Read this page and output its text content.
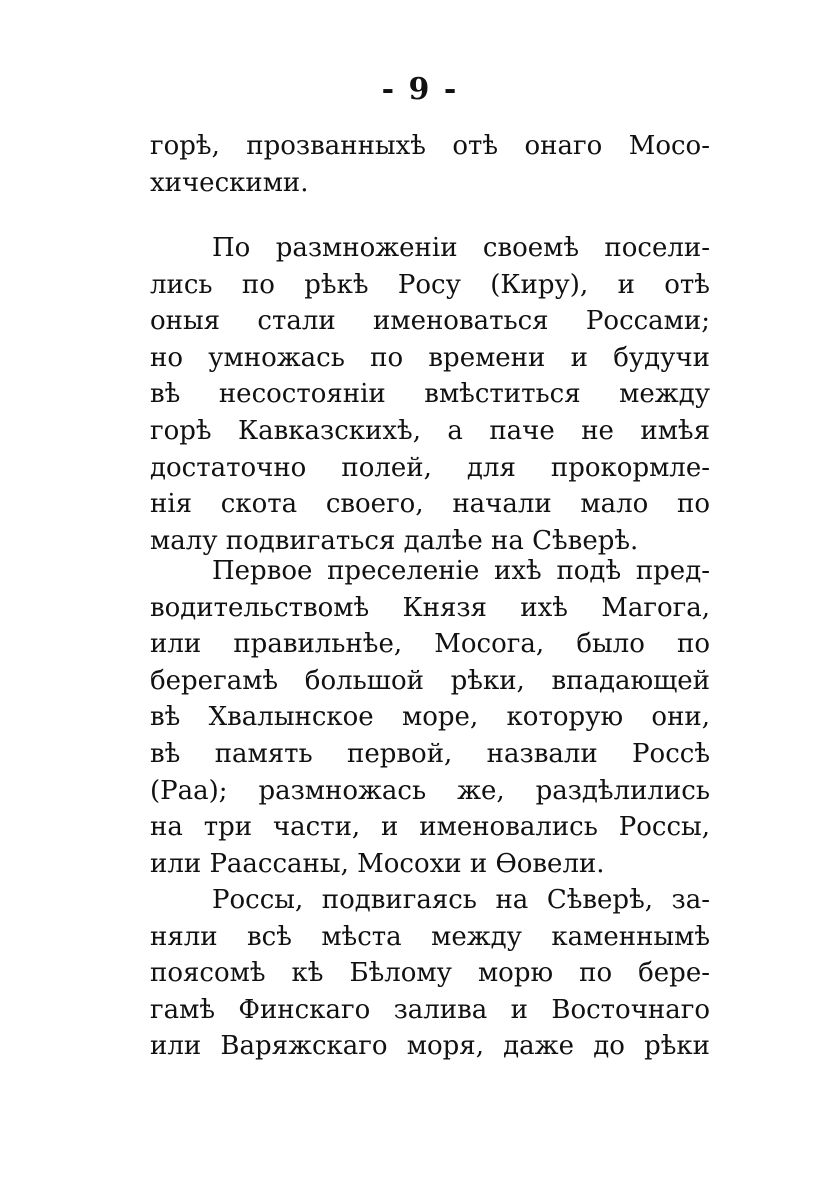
- 9 -
горѣ, прозванныхѣ отѣ онаго Мосо-
хическими.
По размноженіи своемѣ посели-
лись по рѣкѣ Росу (Киру), и отѣ
оныя стали именоваться Россами;
но умножась по времени и будучи
вѣ несостояніи вмѣститься между
горѣ Кавказскихѣ, а паче не имѣя
достаточно полей, для прокормле-
нія скота своего, начали мало по
малу подвигаться далѣе на Сѣверѣ.
Первое преселеніе ихѣ подѣ пред-
водительствомѣ Князя ихѣ Магога,
или правильнѣе, Мосога, было по
берегамѣ большой рѣки, впадающей
вѣ Хвалынское море, которую они,
вѣ память первой, назвали Россѣ
(Раа); размножась же, раздѣлились
на три части, и именовались Россы,
или Раассаны, Мосохи и Ѳовели.
Россы, подвигаясь на Сѣверѣ, за-
няли всѣ мѣста между каменнымѣ
поясомѣ кѣ Бѣлому морю по бере-
гамѣ Финскаго залива и Восточнаго
или Варяжскаго моря, даже до рѣки
